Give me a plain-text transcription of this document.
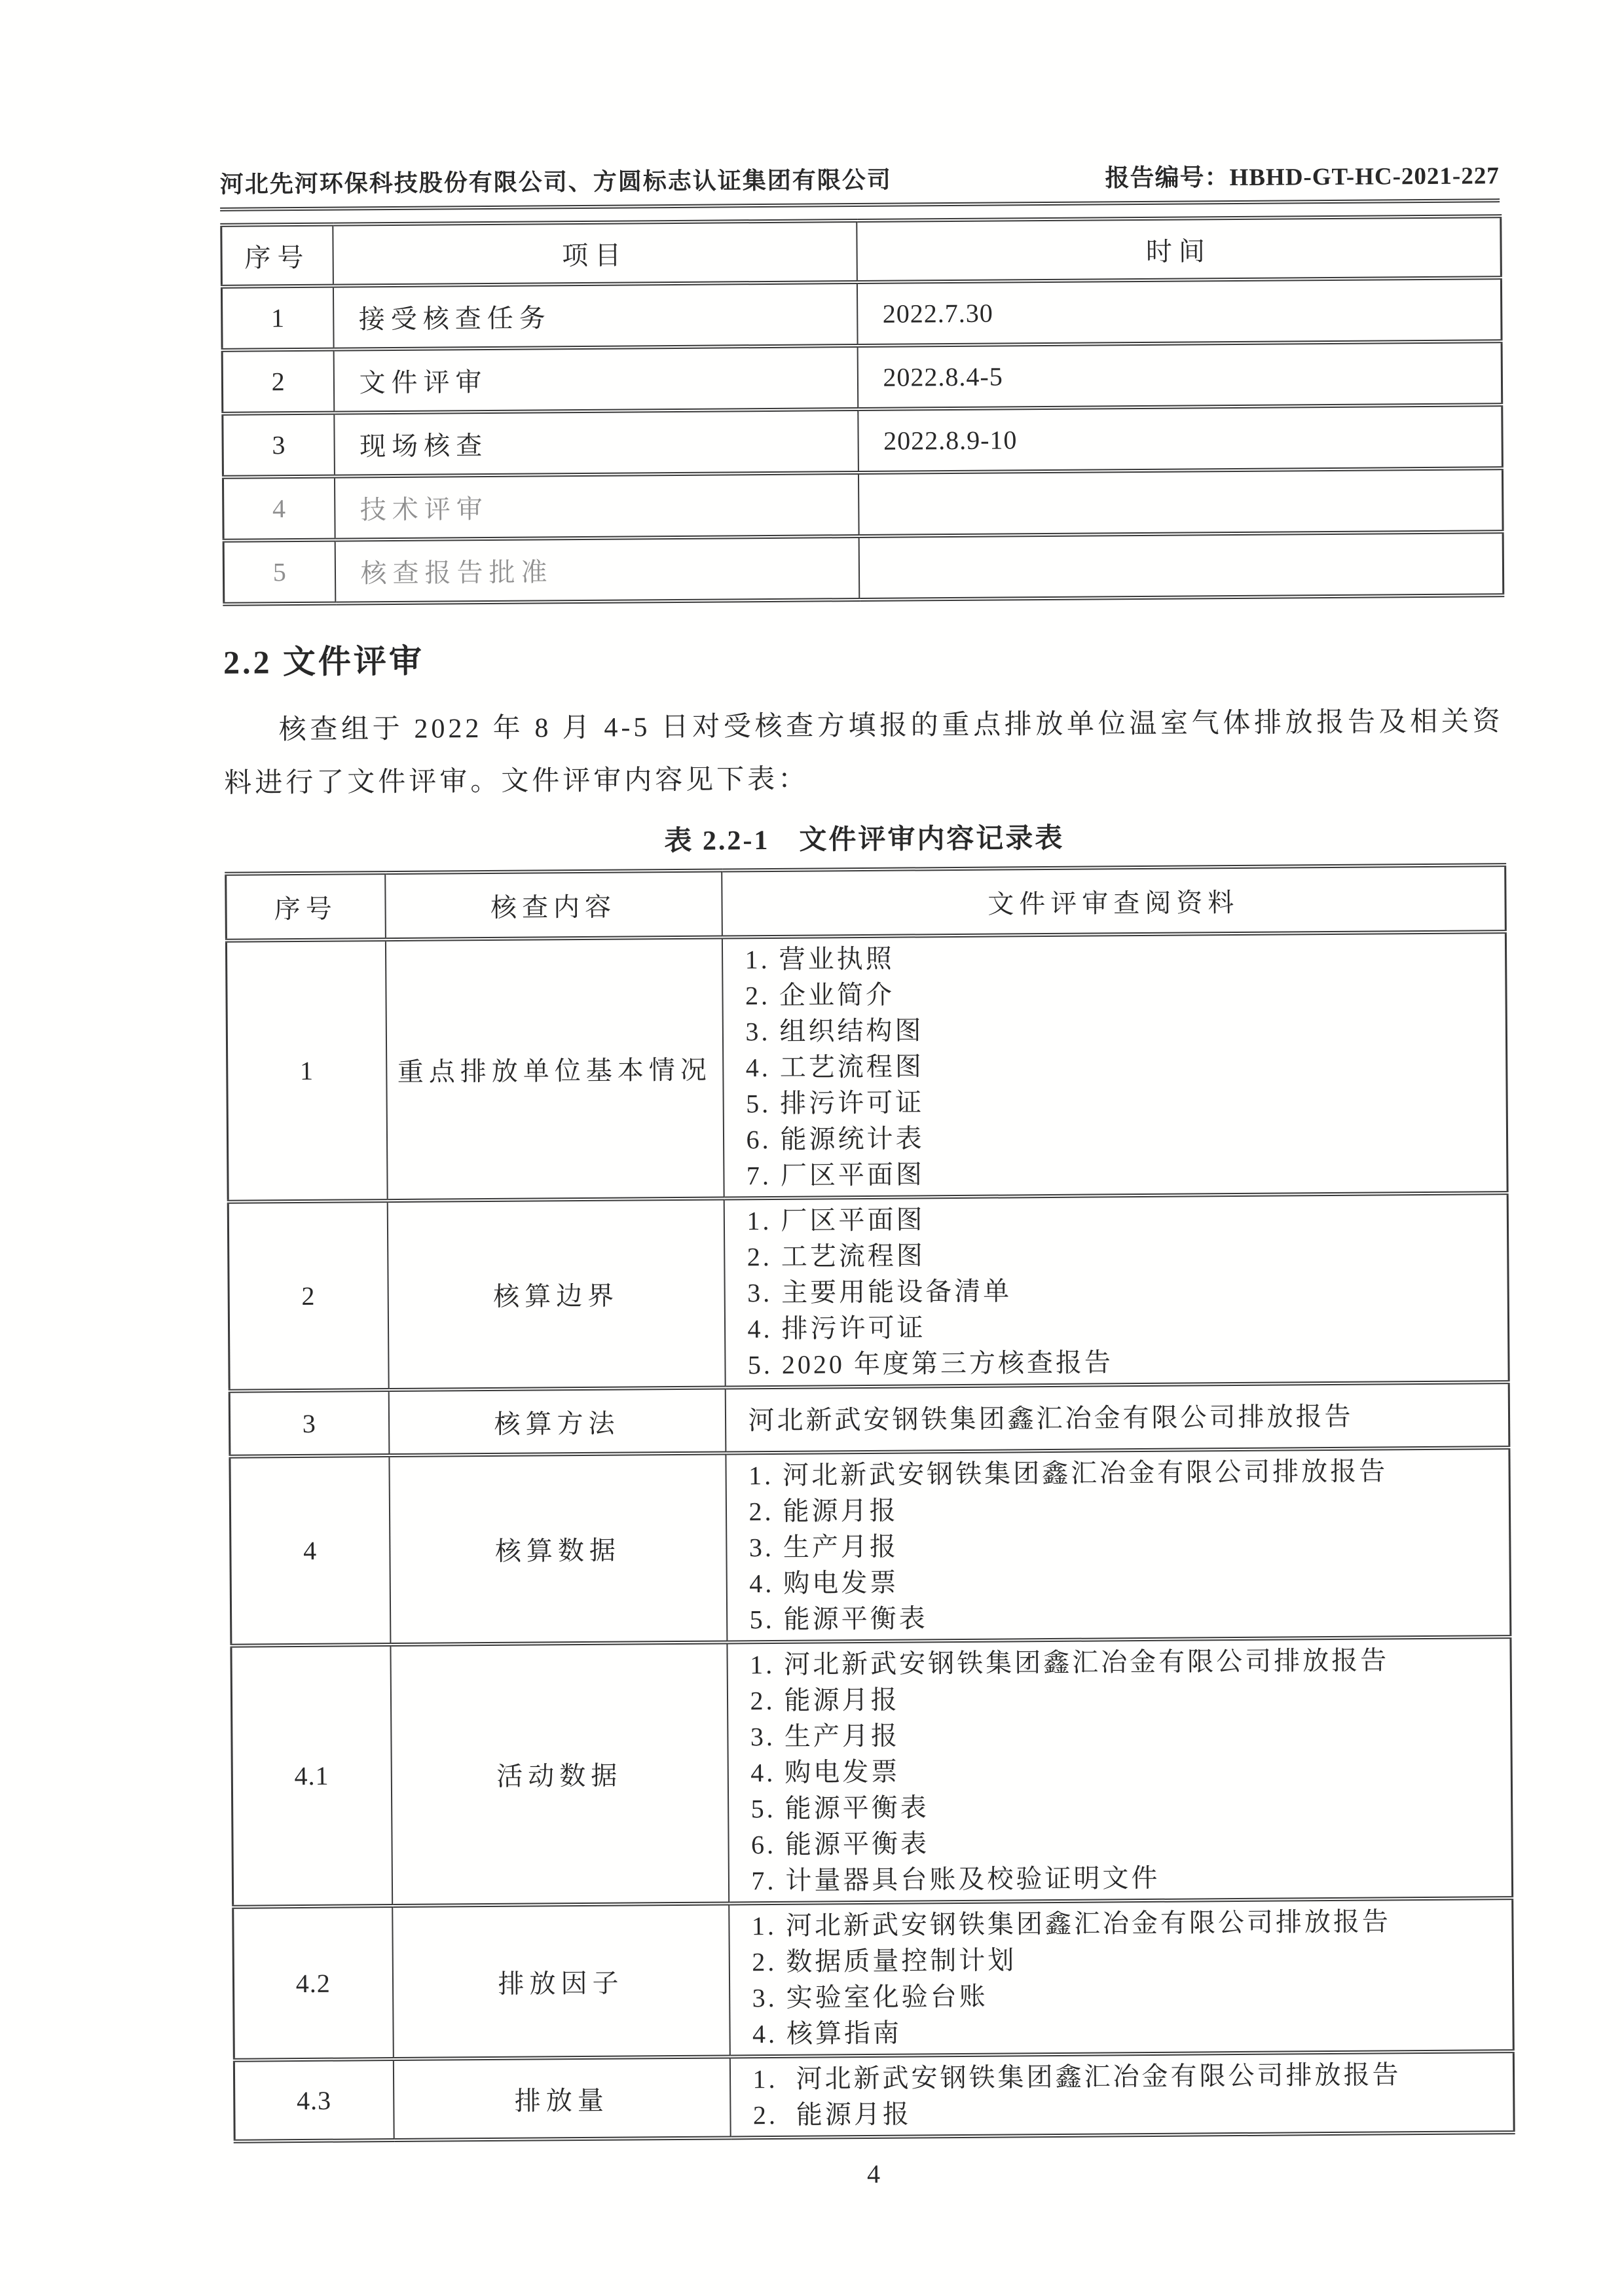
河北先河环保科技股份有限公司、方圆标志认证集团有限公司	报告编号：HBHD-GT-HC-2021-227
序号	项目	时间
1	接受核查任务	2022.7.30
2	文件评审	2022.8.4-5
3	现场核查	2022.8.9-10
4	技术评审	
5	核查报告批准	
2.2 文件评审
核查组于 2022 年 8 月 4-5 日对受核查方填报的重点排放单位温室气体排放报告及相关资料进行了文件评审。文件评审内容见下表：
表 2.2-1　文件评审内容记录表
序号	核查内容	文件评审查阅资料
1	重点排放单位基本情况	
1. 营业执照
2. 企业简介
3. 组织结构图
4. 工艺流程图
5. 排污许可证
6. 能源统计表
7. 厂区平面图

2	核算边界	1. 厂区平面图
2. 工艺流程图
3. 主要用能设备清单
4. 排污许可证
5. 2020 年度第三方核查报告

3	核算方法	河北新武安钢铁集团鑫汇冶金有限公司排放报告

4	核算数据	1. 河北新武安钢铁集团鑫汇冶金有限公司排放报告
2. 能源月报
3. 生产月报
4. 购电发票
5. 能源平衡表

4.1	活动数据	
1. 河北新武安钢铁集团鑫汇冶金有限公司排放报告
2. 能源月报
3. 生产月报
4. 购电发票
5. 能源平衡表
6. 能源平衡表
7. 计量器具台账及校验证明文件

4.2	排放因子	1. 河北新武安钢铁集团鑫汇冶金有限公司排放报告
2. 数据质量控制计划
3. 实验室化验台账
4. 核算指南

4.3	排放量	1.  河北新武安钢铁集团鑫汇冶金有限公司排放报告
2.  能源月报
4
